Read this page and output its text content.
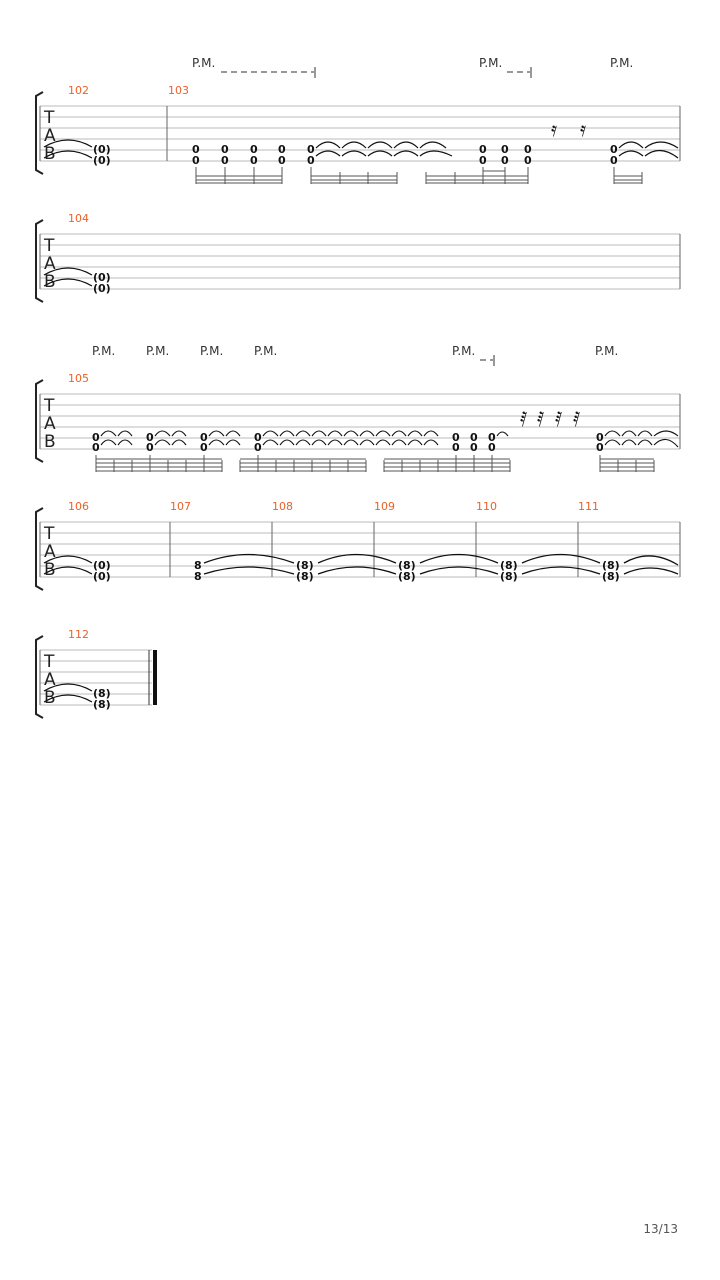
T
A
B
102	103
P.M.	P.M.	P.M.
(0)
(0)
0
0
0
0
0
0
0
0
0
0
0
0
0
0
0
0
𝄿 𝄿
0
0
T
A
B
104
(0)
(0)
T
A
B
105
P.M.	P.M.	P.M.	P.M.	P.M.	P.M.
0
0
0
0
0
0
0
0
0
0
0
0
0
0
0
0
𝅀 𝅀 𝅀 𝅀
T
A
B
106	107	108	109	110	111
(0)
(0)
8
8
(8)
(8)
(8)
(8)
(8)
(8)
(8)
(8)
T
A
B
112
(8)
(8)
13/13
